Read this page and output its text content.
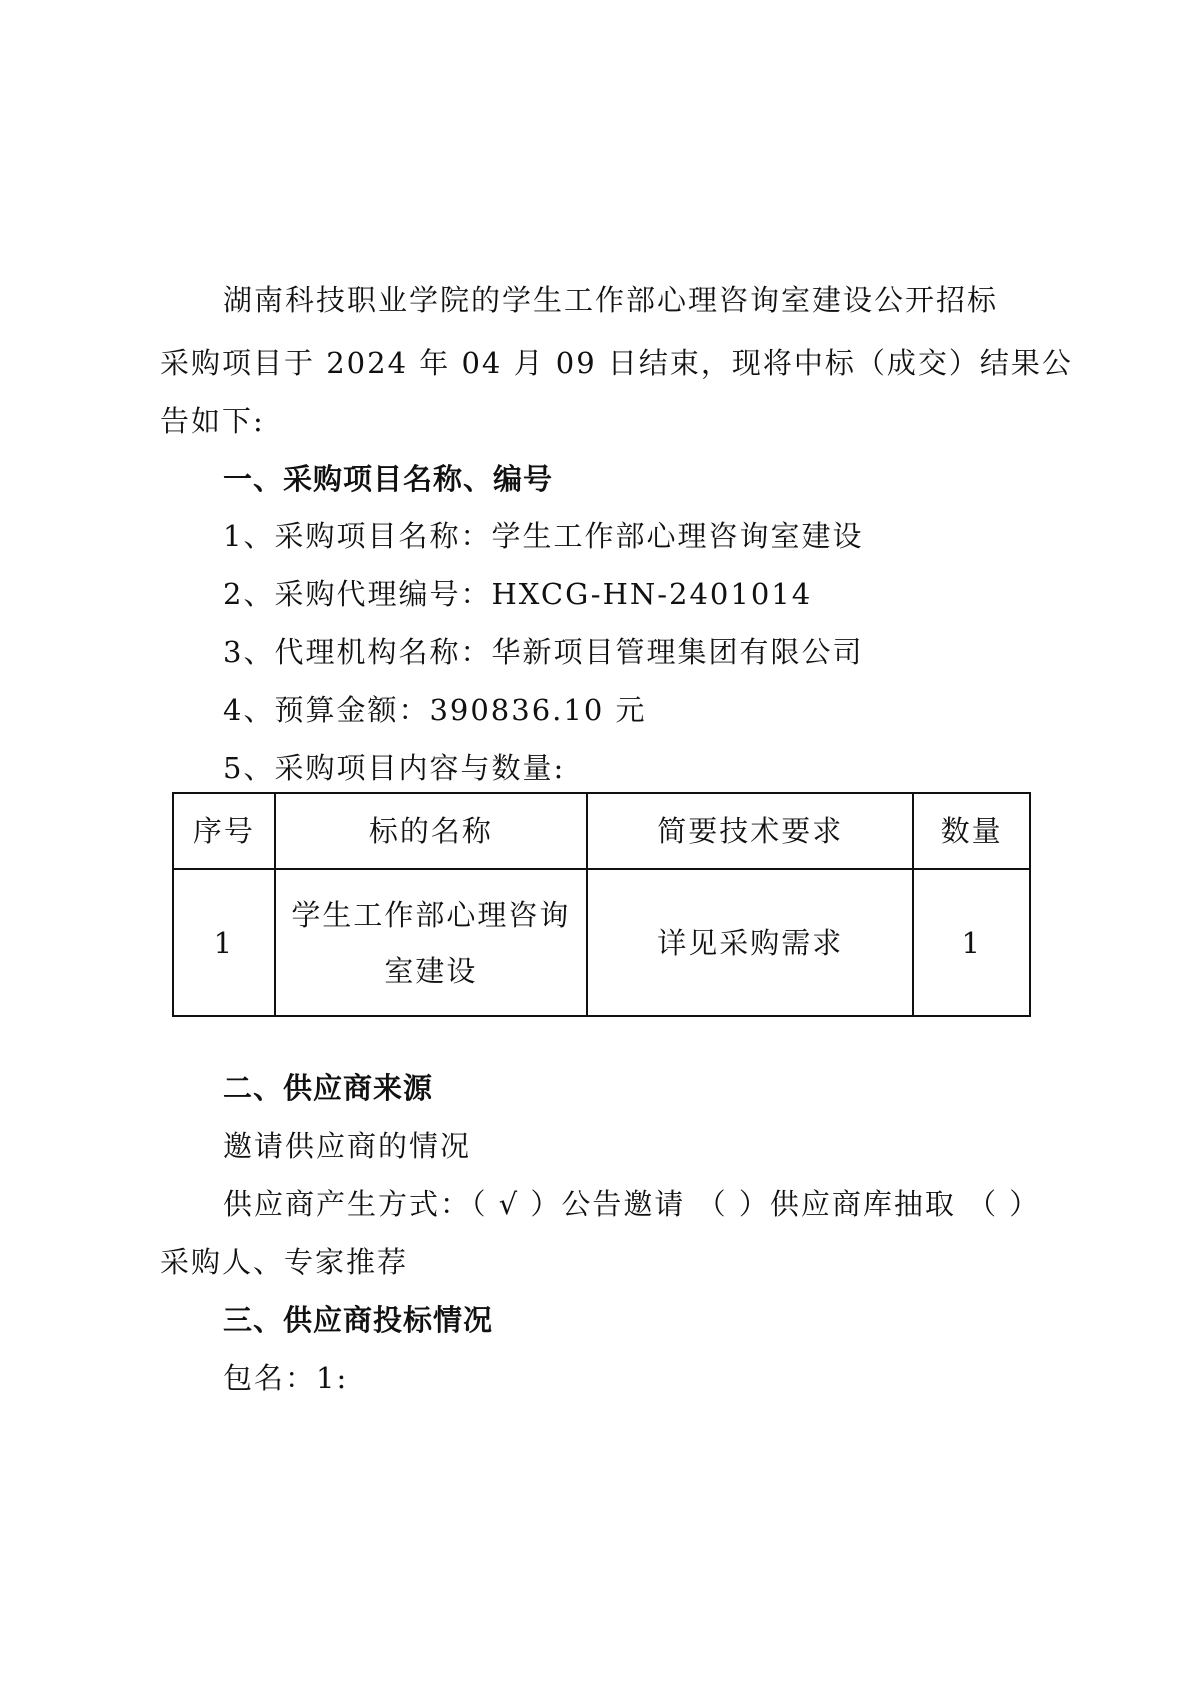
湖南科技职业学院的学生工作部心理咨询室建设公开招标
采购项目于 2024 年 04 月 09 日结束，现将中标（成交）结果公
告如下:
一、采购项目名称、编号
1、采购项目名称：学生工作部心理咨询室建设
2、采购代理编号：HXCG-HN-2401014
3、代理机构名称：华新项目管理集团有限公司
4、预算金额：390836.10 元
5、采购项目内容与数量:
序号	标的名称	简要技术要求	数量
1	学生工作部心理咨询室建设	详见采购需求	1
二、供应商来源
邀请供应商的情况
供应商产生方式：（ √ ）公告邀请 （ ）供应商库抽取 （ ）
采购人、专家推荐
三、供应商投标情况
包名：1:
